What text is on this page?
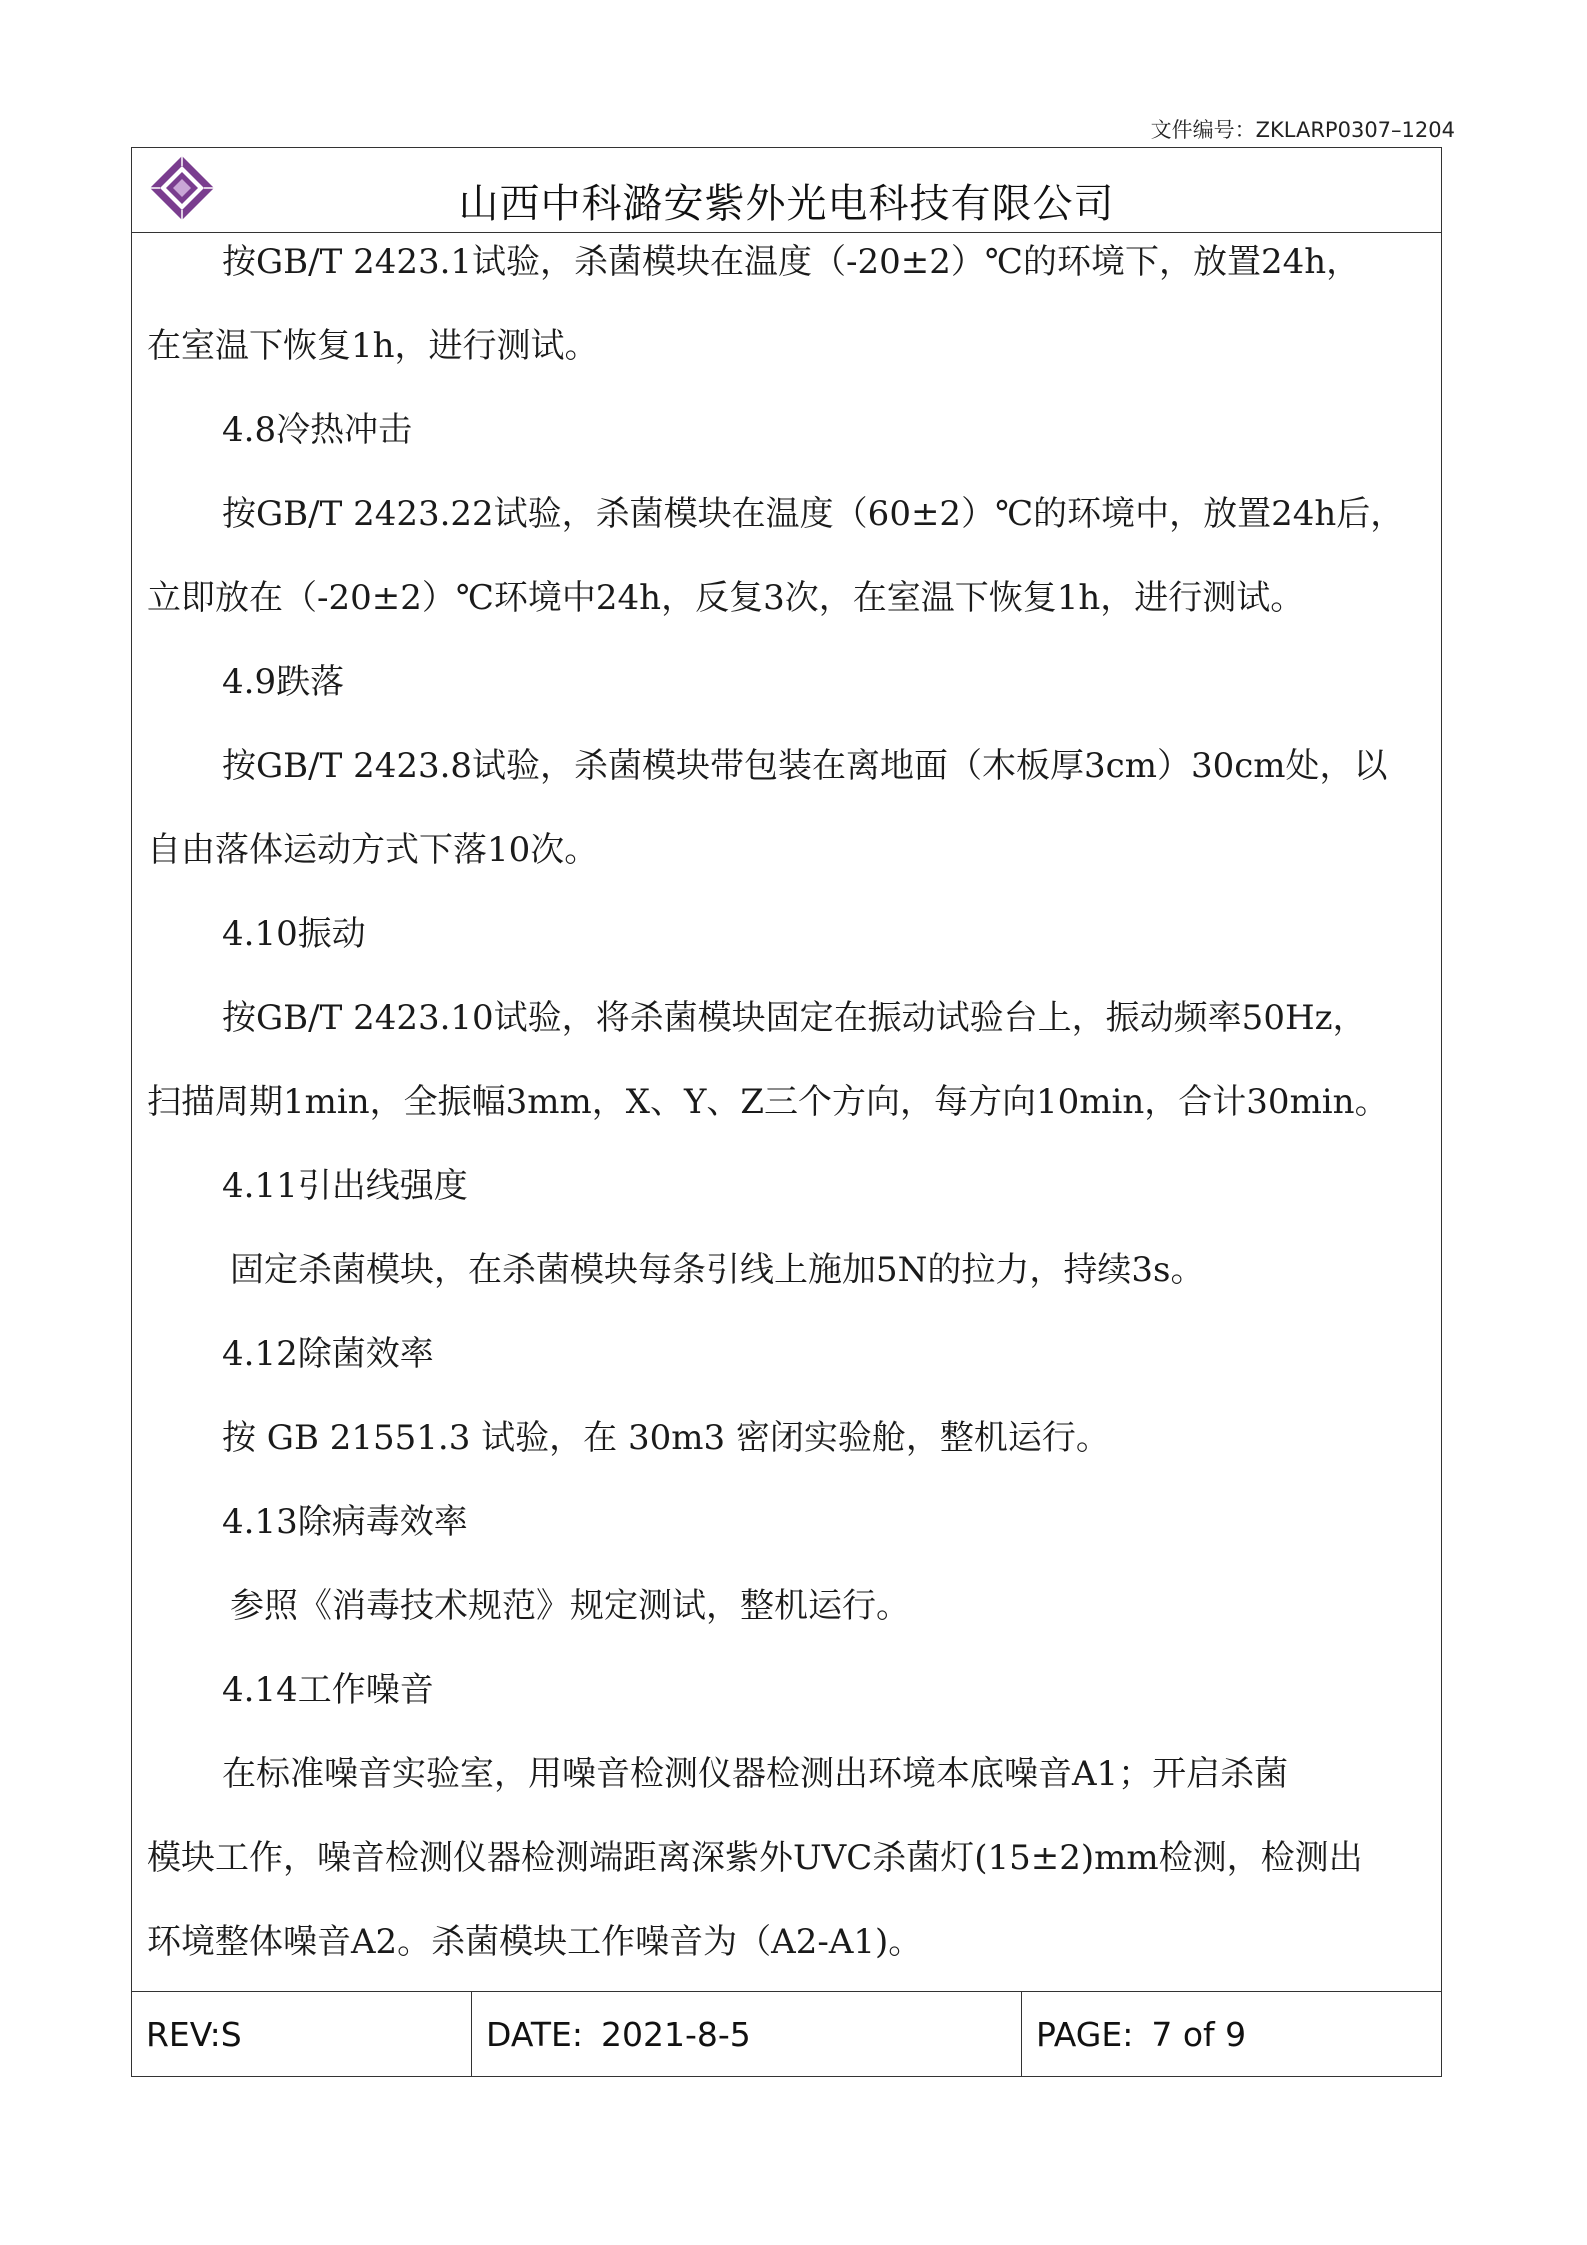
文件编号：ZKLARP0307–1204
山西中科潞安紫外光电科技有限公司
按GB/T 2423.1试验，杀菌模块在温度（-20±2）℃的环境下，放置24h，
在室温下恢复1h，进行测试。
4.8冷热冲击
按GB/T 2423.22试验，杀菌模块在温度（60±2）℃的环境中，放置24h后，
立即放在（-20±2）℃环境中24h，反复3次，在室温下恢复1h，进行测试。
4.9跌落
按GB/T 2423.8试验，杀菌模块带包装在离地面（木板厚3cm）30cm处，以
自由落体运动方式下落10次。
4.10振动
按GB/T 2423.10试验，将杀菌模块固定在振动试验台上，振动频率50Hz，
扫描周期1min，全振幅3mm，X、Y、Z三个方向，每方向10min，合计30min。
4.11引出线强度
固定杀菌模块，在杀菌模块每条引线上施加5N的拉力，持续3s。
4.12除菌效率
按 GB 21551.3 试验，在 30m3 密闭实验舱，整机运行。
4.13除病毒效率
参照《消毒技术规范》规定测试，整机运行。
4.14工作噪音
在标准噪音实验室，用噪音检测仪器检测出环境本底噪音A1；开启杀菌
模块工作，噪音检测仪器检测端距离深紫外UVC杀菌灯(15±2)mm检测，检测出
环境整体噪音A2。杀菌模块工作噪音为（A2-A1)。
REV: S	DATE: 2021-8-5	PAGE: 7 of 9
